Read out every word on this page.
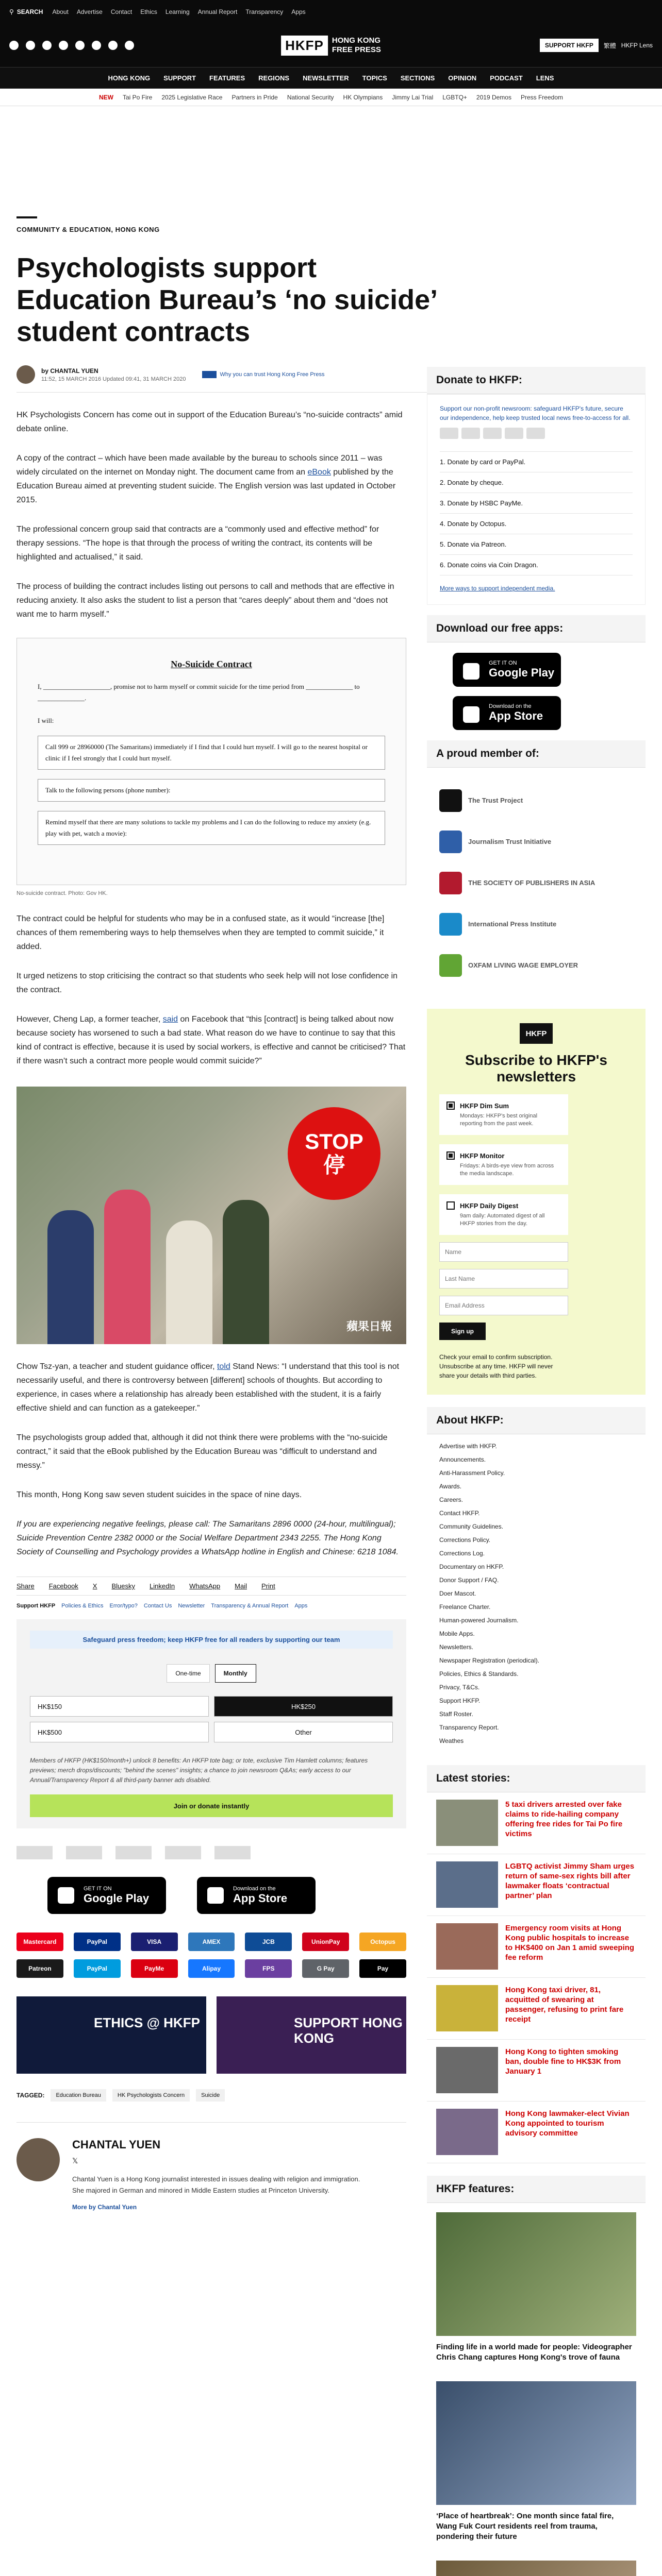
⚲ SEARCH About Advertise Contact Ethics Learning Annual Report Transparency Apps
HKFP	HONG KONG
FREE PRESS	SUPPORT HKFP	繁體 HKFP Lens
HONG KONG SUPPORT FEATURES REGIONS NEWSLETTER TOPICS SECTIONS OPINION PODCAST LENS
NEW Tai Po Fire 2025 Legislative Race Partners in Pride National Security HK Olympians Jimmy Lai Trial LGBTQ+ 2019 Demos Press Freedom
COMMUNITY & EDUCATION, HONG KONG
Psychologists support Education Bureau’s ‘no suicide’ student contracts
by CHANTAL YUEN
11:52, 15 MARCH 2016 Updated 09:41, 31 MARCH 2020
Why you can trust Hong Kong Free Press

HK Psychologists Concern has come out in support of the Education Bureau’s “no-suicide contracts” amid debate online.

A copy of the contract – which have been made available by the bureau to schools since 2011 – was widely circulated on the internet on Monday night. The document came from an eBook published by the Education Bureau aimed at preventing student suicide. The English version was last updated in October 2015.

The professional concern group said that contracts are a “commonly used and effective method” for therapy sessions. “The hope is that through the process of writing the contract, its contents will be highlighted and actualised,” it said.

The process of building the contract includes listing out persons to call and methods that are effective in reducing anxiety. It also asks the student to list a person that “cares deeply” about them and “does not want me to harm myself.”

No-Suicide Contract
I, ____________________, promise not to harm myself or commit suicide for the time period from ______________ to ______________.
I will:
Call 999 or 28960000 (The Samaritans) immediately if I find that I could hurt myself. I will go to the nearest hospital or clinic if I feel strongly that I could hurt myself.
Talk to the following persons (phone number):
Remind myself that there are many solutions to tackle my problems and I can do the following to reduce my anxiety (e.g. play with pet, watch a movie):
No-suicide contract. Photo: Gov HK.

The contract could be helpful for students who may be in a confused state, as it would “increase [the] chances of them remembering ways to help themselves when they are tempted to commit suicide,” it added.

It urged netizens to stop criticising the contract so that students who seek help will not lose confidence in the contract.

However, Cheng Lap, a former teacher, said on Facebook that “this [contract] is being talked about now because society has worsened to such a bad state. What reason do we have to continue to say that this kind of contract is effective, because it is used by social workers, is effective and cannot be criticised? That if there wasn’t such a contract more people would commit suicide?”

STOP
停
蘋果日報

Chow Tsz-yan, a teacher and student guidance officer, told Stand News: “I understand that this tool is not necessarily useful, and there is controversy between [different] schools of thoughts. But according to experience, in cases where a relationship has already been established with the student, it is a fairly effective shield and can function as a gatekeeper.”

The psychologists group added that, although it did not think there were problems with the “no-suicide contract,” it said that the eBook published by the Education Bureau was “difficult to understand and messy.”

This month, Hong Kong saw seven student suicides in the space of nine days.

If you are experiencing negative feelings, please call: The Samaritans 2896 0000 (24-hour, multilingual); Suicide Prevention Centre 2382 0000 or the Social Welfare Department 2343 2255. The Hong Kong Society of Counselling and Psychology provides a WhatsApp hotline in English and Chinese: 6218 1084.

Share Facebook X Bluesky LinkedIn WhatsApp Mail Print
Support HKFP Policies & Ethics Error/typo? Contact Us Newsletter Transparency & Annual Report Apps
Safeguard press freedom; keep HKFP free for all readers by supporting our team
One-time	Monthly
HK$150	HK$250
HK$500	Other
Members of HKFP (HK$150/month+) unlock 8 benefits: An HKFP tote bag; or tote, exclusive Tim Hamlett columns; features previews; merch drops/discounts; "behind the scenes" insights; a chance to join newsroom Q&As; early access to our Annual/Transparency Report & all third-party banner ads disabled.
Join or donate instantly
GET IT ON
Google Play
Download on the
App Store
Mastercard	PayPal	VISA	AMEX	JCB	UnionPay	Octopus
Patreon	PayPal	PayMe	Alipay	FPS	G Pay	Pay
ETHICS @ HKFP	SUPPORT HONG KONG
TAGGED:	Education Bureau	HK Psychologists Concern	Suicide
CHANTAL YUEN
𝕏
Chantal Yuen is a Hong Kong journalist interested in issues dealing with religion and immigration. She majored in German and minored in Middle Eastern studies at Princeton University.
More by Chantal Yuen
Donate to HKFP:
Support our non-profit newsroom: safeguard HKFP's future, secure our independence, help keep trusted local news free-to-access for all.
1. Donate by card or PayPal.
2. Donate by cheque.
3. Donate by HSBC PayMe.
4. Donate by Octopus.
5. Donate via Patreon.
6. Donate coins via Coin Dragon.
More ways to support independent media.
Download our free apps:
GET IT ON
Google Play
Download on the
App Store
A proud member of:
The Trust Project
Journalism Trust Initiative
THE SOCIETY OF PUBLISHERS IN ASIA
International Press Institute
OXFAM LIVING WAGE EMPLOYER
HKFP
Subscribe to HKFP's newsletters
HKFP Dim Sum

Mondays: HKFP's best original reporting from the past week.

HKFP Monitor

Fridays: A birds-eye view from across the media landscape.

HKFP Daily Digest

9am daily: Automated digest of all HKFP stories from the day.

Name
Last Name
Email Address
Sign up
Check your email to confirm subscription. Unsubscribe at any time. HKFP will never share your details with third parties.
About HKFP:
Advertise with HKFP.
Announcements.
Anti-Harassment Policy.
Awards.
Careers.
Contact HKFP.
Community Guidelines.
Corrections Policy.
Corrections Log.
Documentary on HKFP.
Donor Support / FAQ.
Doer Mascot.
Freelance Charter.
Human-powered Journalism.
Mobile Apps.
Newsletters.
Newspaper Registration (periodical).
Policies, Ethics & Standards.
Privacy, T&Cs.
Support HKFP.
Staff Roster.
Transparency Report.
Weathes
Latest stories:
5 taxi drivers arrested over fake claims to ride-hailing company offering free rides for Tai Po fire victims
LGBTQ activist Jimmy Sham urges return of same-sex rights bill after lawmaker floats ‘contractual partner’ plan
Emergency room visits at Hong Kong public hospitals to increase to HK$400 on Jan 1 amid sweeping fee reform
Hong Kong taxi driver, 81, acquitted of swearing at passenger, refusing to print fare receipt
Hong Kong to tighten smoking ban, double fine to HK$3K from January 1
Hong Kong lawmaker-elect Vivian Kong appointed to tourism advisory committee
HKFP features:
Finding life in a world made for people: Videographer Chris Chang captures Hong Kong's trove of fauna
‘Place of heartbreak’: One month since fatal fire, Wang Fuk Court residents reel from trauma, pondering their future
